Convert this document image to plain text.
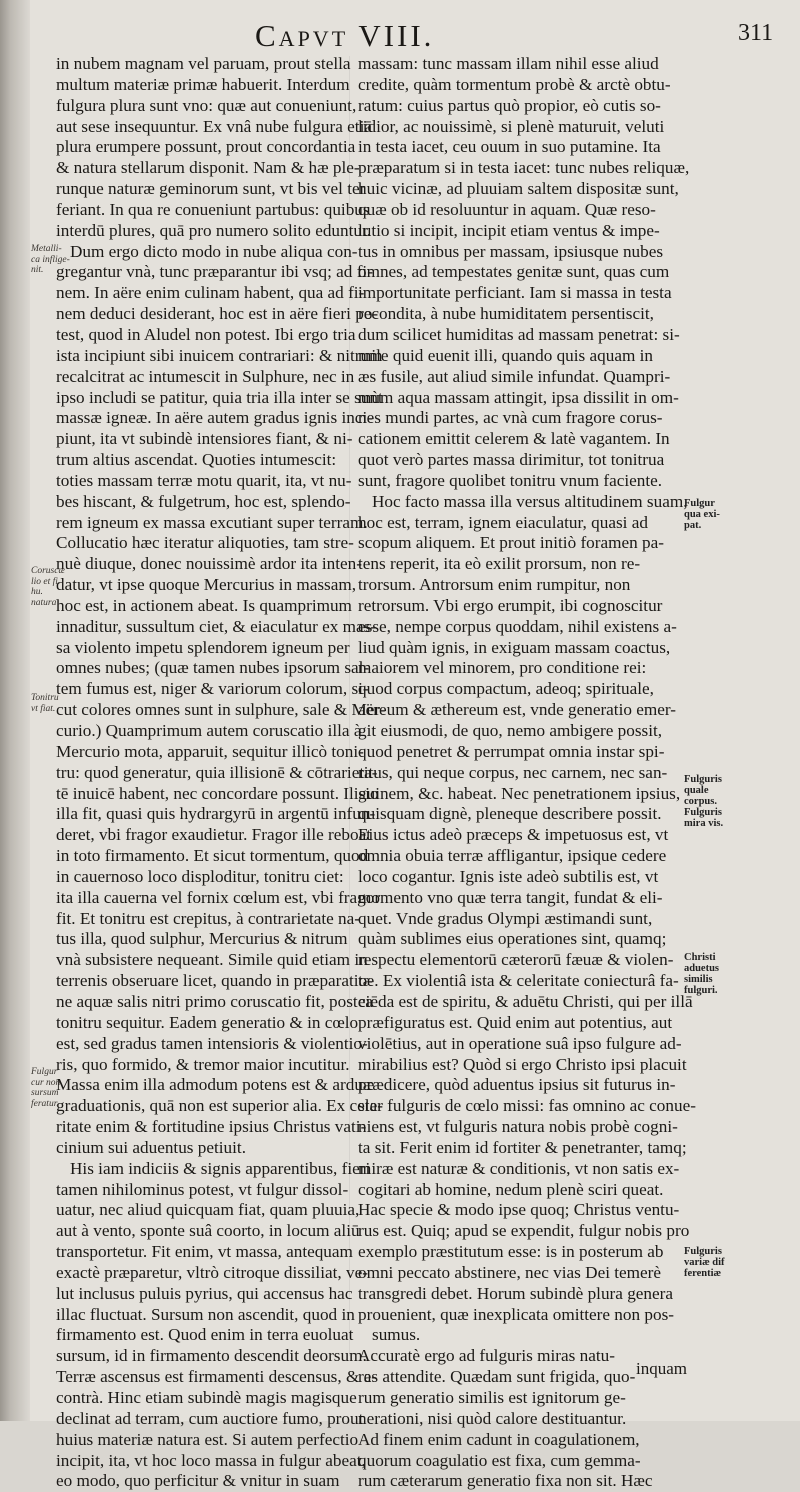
Capvt VIII.	311
in nubem magnam vel paruam, prout stella
multum materiæ primæ habuerit. Interdum
fulgura plura sunt vno: quæ aut conueniunt,
aut sese insequuntur. Ex vnâ nube fulgura etiā
plura erumpere possunt, prout concordantia
& natura stellarum disponit. Nam & hæ ple-
runque naturæ geminorum sunt, vt bis vel ter
feriant. In qua re conueniunt partubus: quibus
interdū plures, quā pro numero solito eduntur.
Dum ergo dicto modo in nube aliqua con-
gregantur vnà, tunc præparantur ibi vsq; ad fi-
nem. In aëre enim culinam habent, qua ad fi-
nem deduci desiderant, hoc est in aëre fieri po-
test, quod in Aludel non potest. Ibi ergo tria
ista incipiunt sibi inuicem contrariari: & nitrum
recalcitrat ac intumescit in Sulphure, nec in
ipso includi se patitur, quia tria illa inter se sunt
massæ igneæ. In aëre autem gradus ignis inci-
piunt, ita vt subindè intensiores fiant, & ni-
trum altius ascendat. Quoties intumescit:
toties massam terræ motu quarit, ita, vt nu-
bes hiscant, & fulgetrum, hoc est, splendo-
rem igneum ex massa excutiant super terram.
Collucatio hæc iteratur aliquoties, tam stre-
nuè diuque, donec nouissimè ardor ita inten-
datur, vt ipse quoque Mercurius in massam,
hoc est, in actionem abeat. Is quamprimum
innaditur, sussultum ciet, & eiaculatur ex mas-
sa violento impetu splendorem igneum per
omnes nubes; (quæ tamen nubes ipsorum sal-
tem fumus est, niger & variorum colorum, si-
cut colores omnes sunt in sulphure, sale & Mer-
curio.) Quamprimum autem coruscatio illa à
Mercurio mota, apparuit, sequitur illicò toni-
tru: quod generatur, quia illisionē & cōtrarieta-
tē inuicē habent, nec concordare possunt. Ilisio
illa fit, quasi quis hydrargyrū in argentū infun-
deret, vbi fragor exaudietur. Fragor ille reboat
in toto firmamento. Et sicut tormentum, quod
in cauernoso loco disploditur, tonitru ciet:
ita illa cauerna vel fornix cœlum est, vbi fragor
fit. Et tonitru est crepitus, à contrarietate na-
tus illa, quod sulphur, Mercurius & nitrum
vnà subsistere nequeant. Simile quid etiam in
terrenis obseruare licet, quando in præparatio-
ne aquæ salis nitri primo coruscatio fit, postea
tonitru sequitur. Eadem generatio & in cœlo
est, sed gradus tamen intensioris & violentio-
ris, quo formido, & tremor maior incutitur.
Massa enim illa admodum potens est & arduæ
graduationis, quā non est superior alia. Ex cele-
ritate enim & fortitudine ipsius Christus vati-
cinium sui aduentus petiuit.
His iam indiciis & signis apparentibus, fieri
tamen nihilominus potest, vt fulgur dissol-
uatur, nec aliud quicquam fiat, quam pluuia,
aut à vento, sponte suâ coorto, in locum aliū
transportetur. Fit enim, vt massa, antequam
exactè præparetur, vltrò citroque dissiliat, ve-
lut inclusus puluis pyrius, qui accensus hac
illac fluctuat. Sursum non ascendit, quod in
firmamento est. Quod enim in terra euoluat
sursum, id in firmamento descendit deorsum.
Terræ ascensus est firmamenti descensus, & e-
contrà. Hinc etiam subindè magis magisque
declinat ad terram, cum auctiore fumo, prout
huius materiæ natura est. Si autem perfectio
incipit, ita, vt hoc loco massa in fulgur abeat,
eo modo, quo perficitur & vnitur in suam
massam: tunc massam illam nihil esse aliud
credite, quàm tormentum probè & arctè obtu-
ratum: cuius partus quò propior, eò cutis so-
lidior, ac nouissimè, si plenè maturuit, veluti
in testa iacet, ceu ouum in suo putamine. Ita
præparatum si in testa iacet: tunc nubes reliquæ,
huic vicinæ, ad pluuiam saltem dispositæ sunt,
quæ ob id resoluuntur in aquam. Quæ reso-
lutio si incipit, incipit etiam ventus & impe-
tus in omnibus per massam, ipsiusque nubes
omnes, ad tempestates genitæ sunt, quas cum
importunitate perficiant. Iam si massa in testa
recondita, à nube humiditatem persentiscit,
dum scilicet humiditas ad massam penetrat: si-
mile quid euenit illi, quando quis aquam in
æs fusile, aut aliud simile infundat. Quampri-
mùm aqua massam attingit, ipsa dissilit in om-
nes mundi partes, ac vnà cum fragore corus-
cationem emittit celerem & latè vagantem. In
quot verò partes massa dirimitur, tot tonitrua
sunt, fragore quolibet tonitru vnum faciente.
Hoc facto massa illa versus altitudinem suam,
hoc est, terram, ignem eiaculatur, quasi ad
scopum aliquem. Et prout initiò foramen pa-
tens reperit, ita eò exilit prorsum, non re-
trorsum. Antrorsum enim rumpitur, non
retrorsum. Vbi ergo erumpit, ibi cognoscitur
esse, nempe corpus quoddam, nihil existens a-
liud quàm ignis, in exiguam massam coactus,
maiorem vel minorem, pro conditione rei:
quod corpus compactum, adeoq; spirituale,
aëreum & æthereum est, vnde generatio emer-
git eiusmodi, de quo, nemo ambigere possit,
quod penetret & perrumpat omnia instar spi-
ritus, qui neque corpus, nec carnem, nec san-
guinem, &c. habeat. Nec penetrationem ipsius,
quisquam dignè, pleneque describere possit.
Eius ictus adeò præceps & impetuosus est, vt
omnia obuia terræ affligantur, ipsique cedere
loco cogantur. Ignis iste adeò subtilis est, vt
momento vno quæ terra tangit, fundat & eli-
quet. Vnde gradus Olympi æstimandi sunt,
quàm sublimes eius operationes sint, quamq;
respectu elementorū cæterorū fæuæ & violen-
tæ. Ex violentiâ ista & celeritate coniecturâ fa-
ciēda est de spiritu, & aduētu Christi, qui per illā
præfiguratus est. Quid enim aut potentius, aut
violētius, aut in operatione suâ ipso fulgure ad-
mirabilius est? Quòd si ergo Christo ipsi placuit
prædicere, quòd aduentus ipsius sit futurus in-
star fulguris de cœlo missi: fas omnino ac conue-
niens est, vt fulguris natura nobis probè cogni-
ta sit. Ferit enim id fortiter & penetranter, tamq;
miræ est naturæ & conditionis, vt non satis ex-
cogitari ab homine, nedum plenè sciri queat.
Hac specie & modo ipse quoq; Christus ventu-
rus est. Quiq; apud se expendit, fulgur nobis pro
exemplo præstitutum esse: is in posterum ab
omni peccato abstinere, nec vias Dei temerè
transgredi debet. Horum subindè plura genera
prouenient, quæ inexplicata omittere non pos-
sumus.
Accuratè ergo ad fulguris miras natu-
ras attendite. Quædam sunt frigida, quo-
rum generatio similis est ignitorum ge-
nerationi, nisi quòd calore destituantur.
Ad finem enim cadunt in coagulationem,
quorum coagulatio est fixa, cum gemma-
rum cæterarum generatio fixa non sit. Hæc
Metalli-
ca inflige-
nit.
Coruscæ
lio et fi.
hu.
natura
Tonitru
vt fiat.
Fulgur
cur non
sursum
feratur.
Fulgur
qua exi-
pat.
Fulguris
quale
corpus.
Fulguris
mira vis.
Christi
aduetus
similis
fulguri.
Fulguris
variæ dif
ferentiæ
inquam
